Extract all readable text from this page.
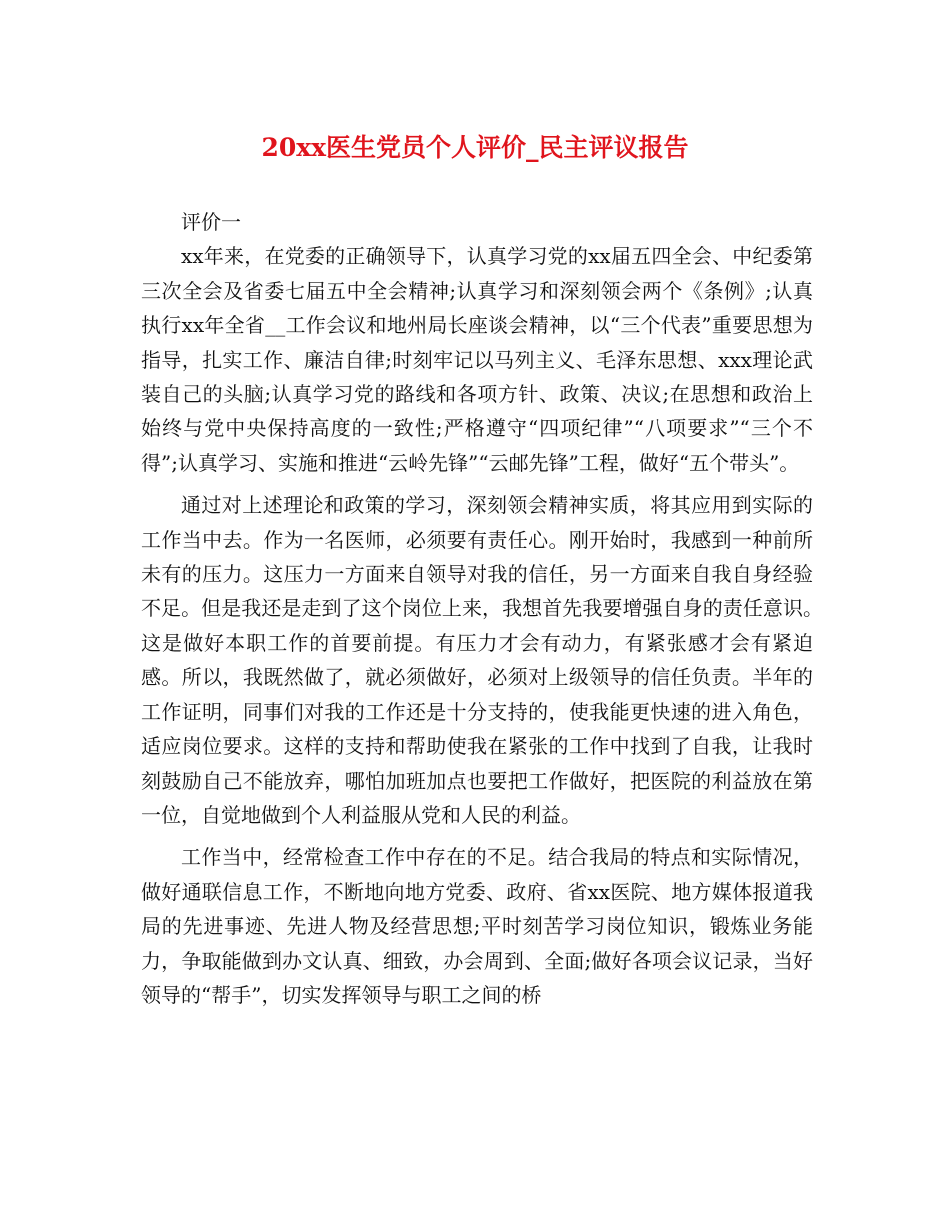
20xx医生党员个人评价_民主评议报告

评价一

xx年来，在党委的正确领导下，认真学习党的xx届五四全会、中纪委第三次全会及省委七届五中全会精神;认真学习和深刻领会两个《条例》;认真执行xx年全省__工作会议和地州局长座谈会精神，以“三个代表”重要思想为指导，扎实工作、廉洁自律;时刻牢记以马列主义、毛泽东思想、xxx理论武装自己的头脑;认真学习党的路线和各项方针、政策、决议;在思想和政治上始终与党中央保持高度的一致性;严格遵守“四项纪律”“八项要求”“三个不得”;认真学习、实施和推进“云岭先锋”“云邮先锋”工程，做好“五个带头”。

通过对上述理论和政策的学习，深刻领会精神实质，将其应用到实际的工作当中去。作为一名医师，必须要有责任心。刚开始时，我感到一种前所未有的压力。这压力一方面来自领导对我的信任，另一方面来自我自身经验不足。但是我还是走到了这个岗位上来，我想首先我要增强自身的责任意识。　　　　　　这是做好本职工作的首要前提。有压力才会有动力，有紧张感才会有紧迫感。所以，我既然做了，就必须做好，必须对上级领导的信任负责。半年的工作证明，同事们对我的工作还是十分支持的，使我能更快速的进入角色，适应岗位要求。这样的支持和帮助使我在紧张的工作中找到了自我，让我时刻鼓励自己不能放弃，哪怕加班加点也要把工作做好，把医院的利益放在第一位，自觉地做到个人利益服从党和人民的利益。

工作当中，经常检查工作中存在的不足。结合我局的特点和实际情况，做好通联信息工作，不断地向地方党委、政府、省xx医院、地方媒体报道我局的先进事迹、先进人物及经营思想;平时刻苦学习岗位知识，锻炼业务能力，争取能做到办文认真、细致，办会周到、全面;做好各项会议记录，当好领导的“帮手”，切实发挥领导与职工之间的桥
